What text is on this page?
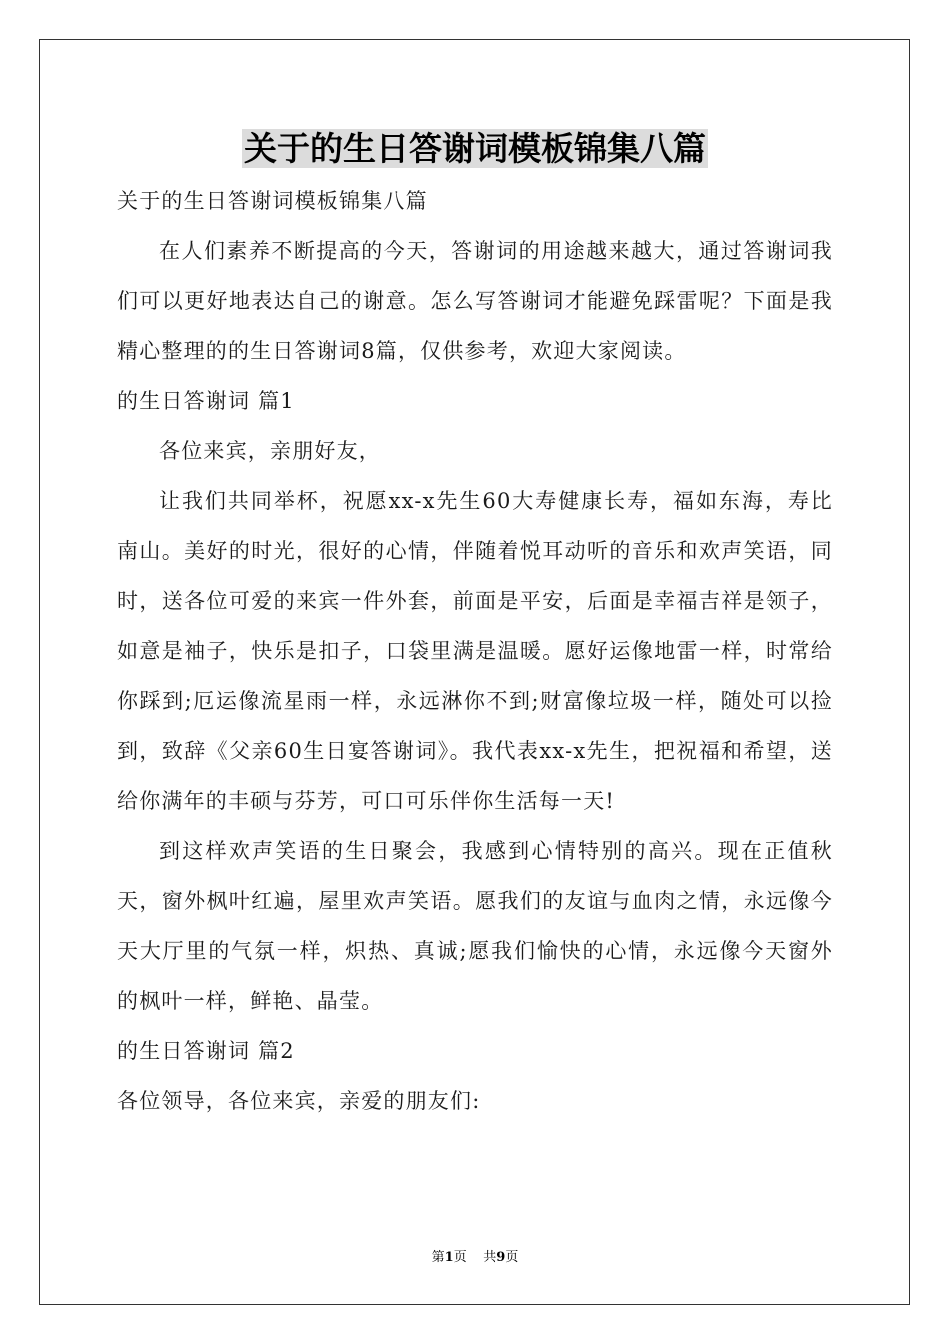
关于的生日答谢词模板锦集八篇

关于的生日答谢词模板锦集八篇

在人们素养不断提高的今天，答谢词的用途越来越大，通过答谢词我们可以更好地表达自己的谢意。怎么写答谢词才能避免踩雷呢？下面是我精心整理的的生日答谢词8篇，仅供参考，欢迎大家阅读。

的生日答谢词 篇1

各位来宾，亲朋好友，

让我们共同举杯，祝愿xx-x先生60大寿健康长寿，福如东海，寿比南山。美好的时光，很好的心情，伴随着悦耳动听的音乐和欢声笑语，同时，送各位可爱的来宾一件外套，前面是平安，后面是幸福吉祥是领子，如意是袖子，快乐是扣子，口袋里满是温暖。愿好运像地雷一样，时常给你踩到;厄运像流星雨一样，永远淋你不到;财富像垃圾一样，随处可以捡到，致辞《父亲60生日宴答谢词》。我代表xx-x先生，把祝福和希望，送给你满年的丰硕与芬芳，可口可乐伴你生活每一天!

到这样欢声笑语的生日聚会，我感到心情特别的高兴。现在正值秋天，窗外枫叶红遍，屋里欢声笑语。愿我们的友谊与血肉之情，永远像今天大厅里的气氛一样，炽热、真诚;愿我们愉快的心情，永远像今天窗外的枫叶一样，鲜艳、晶莹。

的生日答谢词 篇2

各位领导，各位来宾，亲爱的朋友们:

第1页 共9页
